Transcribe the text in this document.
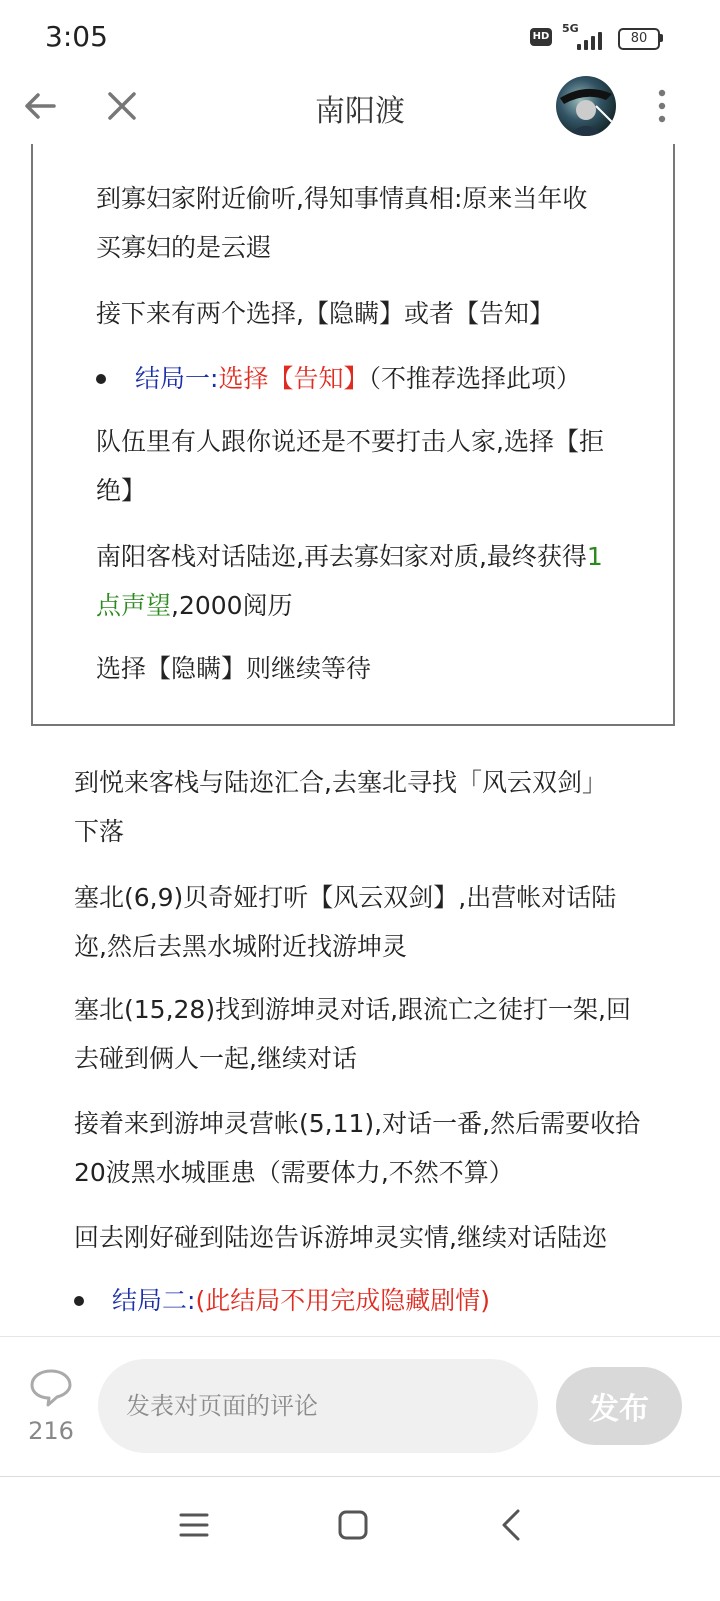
3:05	HD
5G
80
南阳渡
到寡妇家附近偷听,得知事情真相:原来当年收
买寡妇的是云遐
接下来有两个选择,【隐瞒】或者【告知】
结局一:选择【告知】（不推荐选择此项）
队伍里有人跟你说还是不要打击人家,选择【拒
绝】
南阳客栈对话陆迩,再去寡妇家对质,最终获得1
点声望,2000阅历
选择【隐瞒】则继续等待
到悦来客栈与陆迩汇合,去塞北寻找「风云双剑」
下落
塞北(6,9)贝奇娅打听【风云双剑】,出营帐对话陆
迩,然后去黑水城附近找游坤灵
塞北(15,28)找到游坤灵对话,跟流亡之徒打一架,回
去碰到俩人一起,继续对话
接着来到游坤灵营帐(5,11),对话一番,然后需要收拾
20波黑水城匪患（需要体力,不然不算）
回去刚好碰到陆迩告诉游坤灵实情,继续对话陆迩
结局二:(此结局不用完成隐藏剧情)
216
发表对页面的评论
发布
